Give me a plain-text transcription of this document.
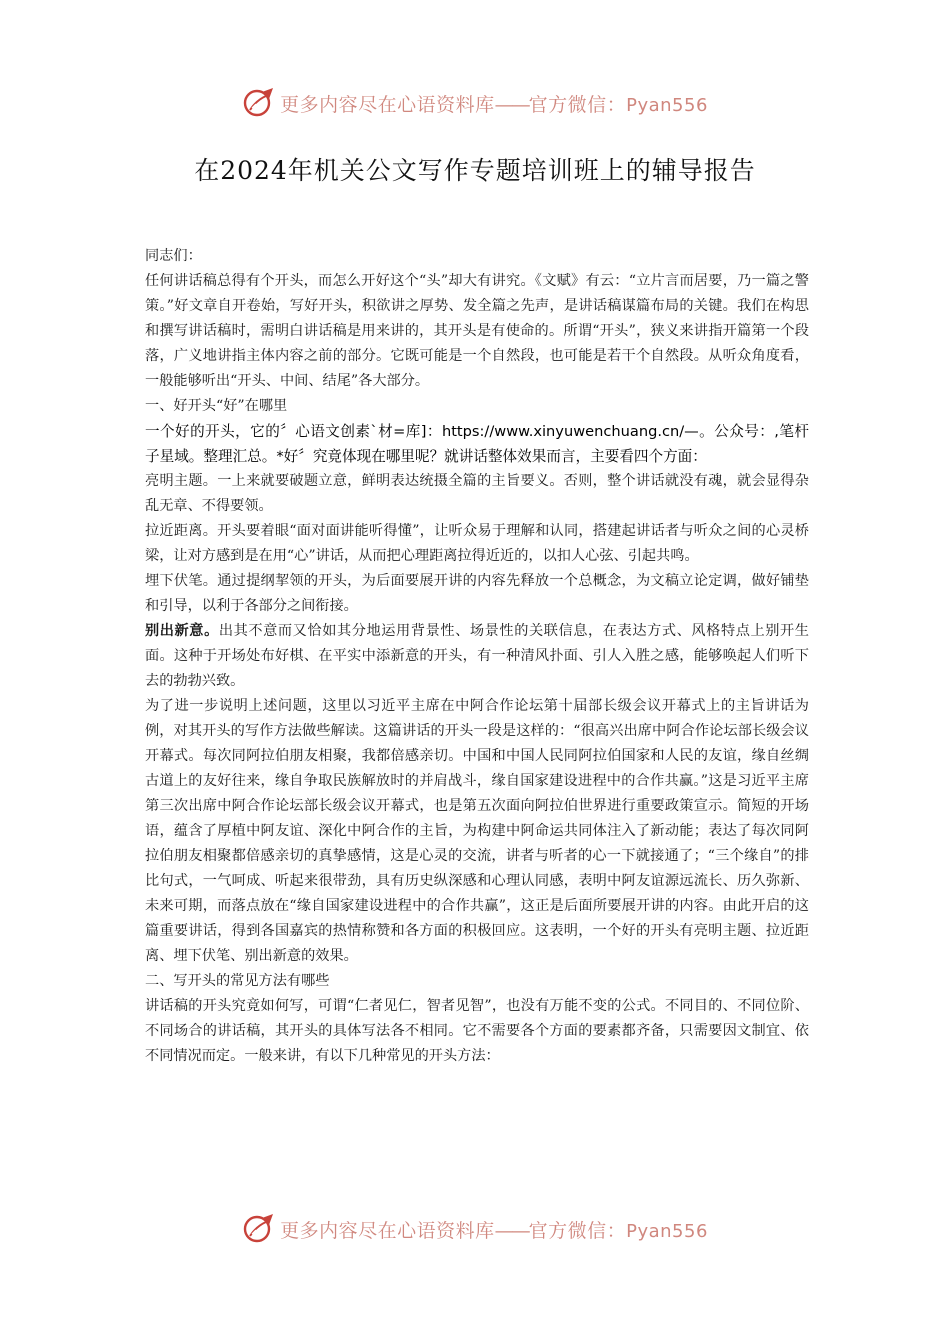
更多内容尽在心语资料库——官方微信：Pyan556
在2024年机关公文写作专题培训班上的辅导报告

同志们：

任何讲话稿总得有个开头，而怎么开好这个“头”却大有讲究。《文赋》有云：“立片言而居要，乃一篇之警策。”好文章自开卷始，写好开头，积欲讲之厚势、发全篇之先声，是讲话稿谋篇布局的关键。我们在构思和撰写讲话稿时，需明白讲话稿是用来讲的，其开头是有使命的。所谓“开头”，狭义来讲指开篇第一个段落，广义地讲指主体内容之前的部分。它既可能是一个自然段，也可能是若干个自然段。从听众角度看，一般能够听出“开头、中间、结尾”各大部分。

一、好开头“好”在哪里

一个好的开头，它的〞心语文创素`材=库]：https://www.xinyuwenchuang.cn/—。公众号：,笔杆子星域。整理汇总。*好〞究竟体现在哪里呢？就讲话整体效果而言，主要看四个方面：

亮明主题。一上来就要破题立意，鲜明表达统摄全篇的主旨要义。否则，整个讲话就没有魂，就会显得杂乱无章、不得要领。

拉近距离。开头要着眼“面对面讲能听得懂”，让听众易于理解和认同，搭建起讲话者与听众之间的心灵桥梁，让对方感到是在用“心”讲话，从而把心理距离拉得近近的，以扣人心弦、引起共鸣。

埋下伏笔。通过提纲挈领的开头，为后面要展开讲的内容先释放一个总概念，为文稿立论定调，做好铺垫和引导，以利于各部分之间衔接。

别出新意。出其不意而又恰如其分地运用背景性、场景性的关联信息，在表达方式、风格特点上别开生面。这种于开场处布好棋、在平实中添新意的开头，有一种清风扑面、引人入胜之感，能够唤起人们听下去的勃勃兴致。

为了进一步说明上述问题，这里以习近平主席在中阿合作论坛第十届部长级会议开幕式上的主旨讲话为例，对其开头的写作方法做些解读。这篇讲话的开头一段是这样的：“很高兴出席中阿合作论坛部长级会议开幕式。每次同阿拉伯朋友相聚，我都倍感亲切。中国和中国人民同阿拉伯国家和人民的友谊，缘自丝绸古道上的友好往来，缘自争取民族解放时的并肩战斗，缘自国家建设进程中的合作共赢。”这是习近平主席第三次出席中阿合作论坛部长级会议开幕式，也是第五次面向阿拉伯世界进行重要政策宣示。简短的开场语，蕴含了厚植中阿友谊、深化中阿合作的主旨，为构建中阿命运共同体注入了新动能；表达了每次同阿拉伯朋友相聚都倍感亲切的真挚感情，这是心灵的交流，讲者与听者的心一下就接通了；“三个缘自”的排比句式，一气呵成、听起来很带劲，具有历史纵深感和心理认同感，表明中阿友谊源远流长、历久弥新、未来可期，而落点放在“缘自国家建设进程中的合作共赢”，这正是后面所要展开讲的内容。由此开启的这篇重要讲话，得到各国嘉宾的热情称赞和各方面的积极回应。这表明，一个好的开头有亮明主题、拉近距离、埋下伏笔、别出新意的效果。

二、写开头的常见方法有哪些

讲话稿的开头究竟如何写，可谓“仁者见仁，智者见智”，也没有万能不变的公式。不同目的、不同位阶、不同场合的讲话稿，其开头的具体写法各不相同。它不需要各个方面的要素都齐备，只需要因文制宜、依不同情况而定。一般来讲，有以下几种常见的开头方法：

更多内容尽在心语资料库——官方微信：Pyan556
